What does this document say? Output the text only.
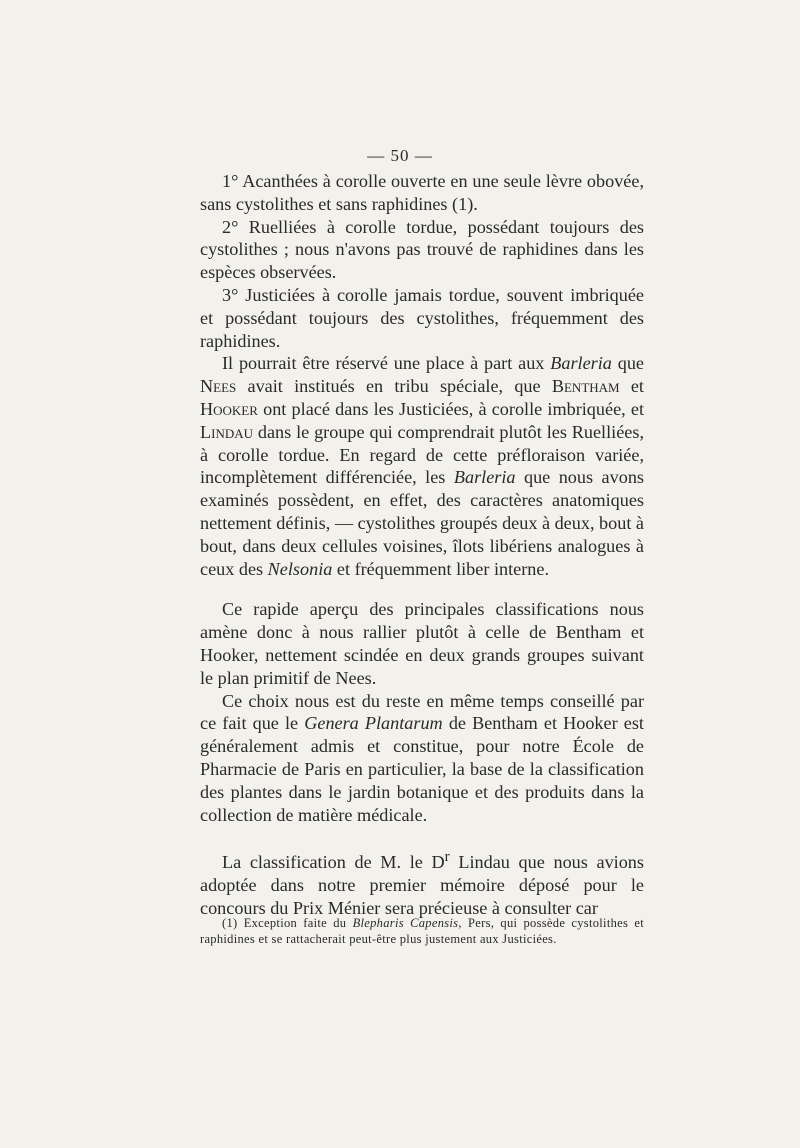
— 50 —

1° Acanthées à corolle ouverte en une seule lèvre obovée, sans cystolithes et sans raphidines (1).

2° Ruelliées à corolle tordue, possédant toujours des cystolithes ; nous n'avons pas trouvé de raphidines dans les espèces observées.

3° Justiciées à corolle jamais tordue, souvent imbriquée et possédant toujours des cystolithes, fréquemment des raphidines.

Il pourrait être réservé une place à part aux Barleria que Nees avait institués en tribu spéciale, que Bentham et Hooker ont placé dans les Justiciées, à corolle imbriquée, et Lindau dans le groupe qui comprendrait plutôt les Ruelliées, à corolle tordue. En regard de cette préfloraison variée, incomplètement différenciée, les Barleria que nous avons examinés possèdent, en effet, des caractères anatomiques nettement définis, — cystolithes groupés deux à deux, bout à bout, dans deux cellules voisines, îlots libériens analogues à ceux des Nelsonia et fréquemment liber interne.

Ce rapide aperçu des principales classifications nous amène donc à nous rallier plutôt à celle de Bentham et Hooker, nettement scindée en deux grands groupes suivant le plan primitif de Nees.

Ce choix nous est du reste en même temps conseillé par ce fait que le Genera Plantarum de Bentham et Hooker est généralement admis et constitue, pour notre École de Pharmacie de Paris en particulier, la base de la classification des plantes dans le jardin botanique et des produits dans la collection de matière médicale.

La classification de M. le $D^r$ Lindau que nous avions adoptée dans notre premier mémoire déposé pour le concours du Prix Ménier sera précieuse à consulter car

(1) Exception faite du Blepharis Capensis, Pers, qui possède cystolithes et raphidines et se rattacherait peut-être plus justement aux Justiciées.
